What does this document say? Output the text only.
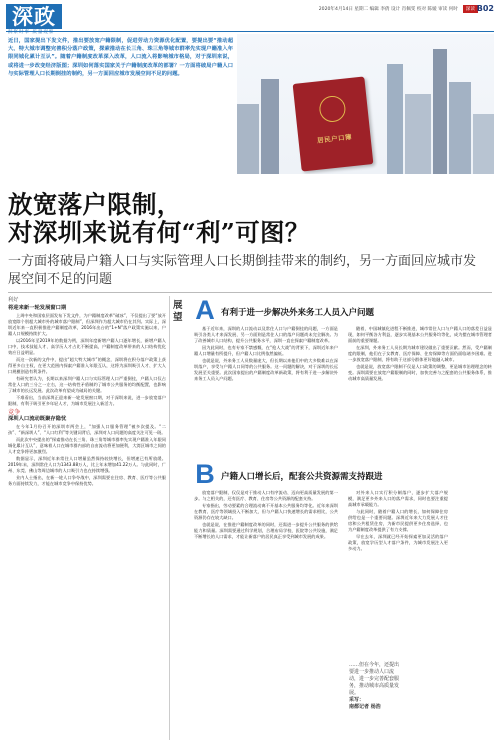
深政
洞察时事 质量观察
2020年4月14日 星期二 编辑 李倩 设计 肖佩雯 校对 陈媛 审读 何时	深读 B02
近日，国家提出下发文件，推出要放宽户籍限制，促进劳动力资源优化配置，要提出要“推动超大、特大城市调整完善积分落户政策，探索推动在长三角、珠三角等城市群率先实现户籍准入年限同城化累计互认”。随着户籍制度改革深入改革，人口流入将影响城市格局，对于深圳来说，或将进一步改变经济版图；深圳如何落实国家关于户籍制度改革的部署？一方面将破局户籍人口与实际管理人口长期倒挂的制约，另一方面回应城市发展空间不足的问题。
居民户口簿
放宽落户限制，
对深圳来说有何“利”可图？
一方面将破局户籍人口与实际管理人口长期倒挂带来的制约，另一方面回应城市发展空间不足的问题
利好
将迎来新一轮发展窗口期

上周中央和国家层面发布下发文件，为户籍制度改革“破冰”，不仅提出了要“放开放宽除个别超大城市外的城市落户限制”，但深圳作为超大城市仍在其列。实际上，深圳近年来一直积极推进户籍制度改革，2016年出台的“1+N”落户政策实施以来，户籍人口规模持续扩大。

以2016年至2019年的数据为例，深圳年度新增户籍人口逐年增长，新增户籍人口中，技术技能人才、高学历人才占比不断提高，户籍制度改革带来的人口结构优化效应日益明显。

而这一次新的文件中，提出“超大特大城市”的概念，深圳将在积分落户政策上获得更多自主权，在更大范围内探索户籍准入年限互认，这将为深圳吸引人才、扩大人口规模创造有利条件。

有研究者认为，长期以来深圳户籍人口与实际管理人口严重倒挂，户籍人口仅占常住人口的三分之一左右，这一结构性矛盾制约了城市公共服务的均衡配置，也影响了城市的长远发展。此次改革有望成为破局的关键。

不难看出，当前深圳正迎来新一轮发展窗口期，对于深圳来说，进一步放宽落户限制，有利于吸引更多年轻人才，为城市发展注入新活力。

竞争
深圳人口流动既聚存隐忧

在今年1月份召开的深圳市两会上，“加强人口服务管理”被多次提及。“二孩”、“新深圳人”、“人口红利”等关键词背后，深圳对人口问题的高度关注可见一斑。

而此次中央提出的“探索推动在长三角、珠三角等城市群率先实现户籍准入年限同城化累计互认”，意味着人口在城市群内部的自由流动将更加便利，大湾区城市之间的人才竞争将更加激烈。

数据显示，深圳近年来常住人口增量虽然保持较快增长，但增速已有所放缓。2019年末，深圳常住人口为1343.88万人，比上年末增加41.22万人。与此同时，广州、东莞、佛山等周边城市的人口吸引力也在持续增强。

业内人士指出，在新一轮人口争夺战中，深圳需要在住房、教育、医疗等公共服务方面持续发力，才能在城市竞争中保持优势。

展望 A 有利于进一步解决外来务工人员入户问题

基于近年来，深圳的人口流动以及常住人口与户籍倒挂的问题，一方面是吸引各类人才来深发展、另一方面则是常住人口的落户问题尚未完全解决。为了改善城市人口结构，提升公共服务水平，深圳一直在探索户籍制度改革。

因为此同时，也有专家不禁感慨，在“抢人大战”的背景下，深圳近年来户籍人口增量有所提升，但户籍人口比例依然偏低。

也就是说，外来务工人员数量庞大，但长期以来他们中的大多数难以在深圳落户，享受与户籍人口同等的公共服务。这一问题的解决，对于深圳的长远发展至关重要。此次国家提出的户籍制度改革新政策，将有利于进一步解决外来务工人员入户问题。

随着，中国城镇化进程不断推进，城市常住人口与户籍人口的落差日益显现，如何平衡各方利益，逐步实现基本公共服务均等化，成为摆在城市管理者面前的重要课题。

在深圳，外来务工人员长期为城市建设做出了重要贡献。然而，受户籍制度的限制，他们在子女教育、医疗保障、住房保障等方面仍面临诸多困难。进一步放宽落户限制，将有助于这部分群体更好地融入城市。

也就是说，放宽落户限制不仅是人口政策的调整，更是城市治理理念的转变。深圳需要在放宽户籍限制的同时，加快完善与之配套的公共服务体系，推动城市高质量发展。

B 户籍人口增长后，配套公共资源需支持跟进

放宽落户限制，仅仅是对于推动人口有序流动、迈向更高质量发展的第一步。与之相关的，还有医疗、教育、住房等公共资源的配套支持。

专家指出，劳动要素的合理流动离不开基本公共服务均等化。近年来深圳在教育、医疗等领域投入不断加大，但与户籍人口快速增长的需求相比，公共资源仍存在较大缺口。

也就是说，在推进户籍制度改革的同时，还需进一步提升公共服务的供给能力和质量。深圳需要通过科学规划，合理布局学校、医院等公共设施，满足不断增长的人口需求，才能让新落户的居民真正享受到城市发展的成果。

对外来人口实行积分制落户，逐步扩大落户规模，满足更多外来人口的落户需求，同时也要注重提高城市承载能力。

与此同时，随着户籍人口的增长，如何保障住房供给也是一个重要问题。深圳近年来大力发展人才住房和公共租赁住房，为新市民提供更多住房选择，也为户籍制度改革提供了有力支撑。

早在去年，深圳就已经开始探索更加灵活的落户政策，放宽学历型人才落户条件，为城市发展注入更多动力。

……但在今年，还提出要进一步推动人口流动，进一步完善配套服务，推动城市高质量发展。
采写：
南都记者 杨浩
